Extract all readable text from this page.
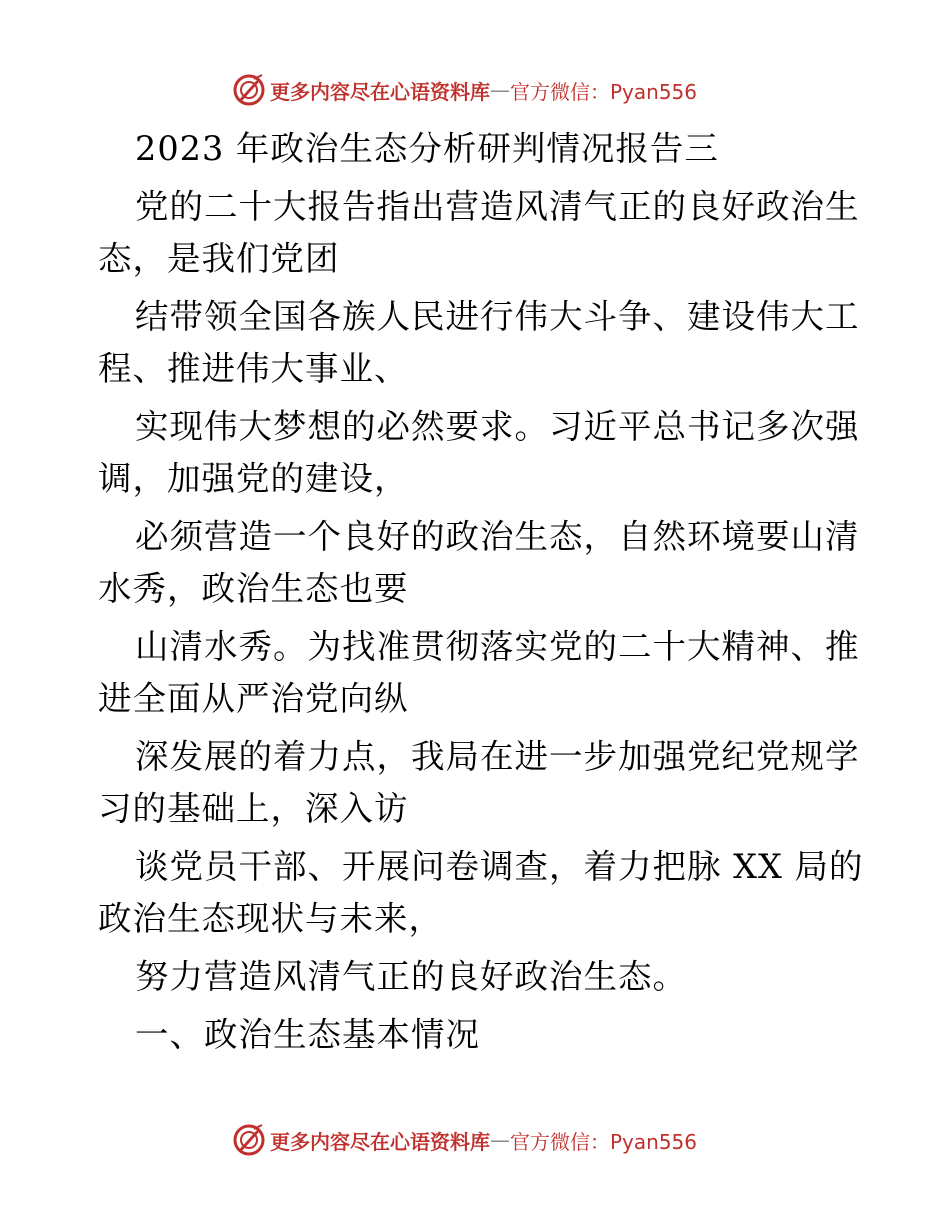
更多内容尽在心语资料库 — 官方微信：Pyan556
2023 年政治生态分析研判情况报告三
党的二十大报告指出营造风清气正的良好政治生
态，是我们党团
结带领全国各族人民进行伟大斗争、建设伟大工
程、推进伟大事业、
实现伟大梦想的必然要求。习近平总书记多次强
调，加强党的建设，
必须营造一个良好的政治生态，自然环境要山清
水秀，政治生态也要
山清水秀。为找准贯彻落实党的二十大精神、推
进全面从严治党向纵
深发展的着力点，我局在进一步加强党纪党规学
习的基础上，深入访
谈党员干部、开展问卷调查，着力把脉 XX 局的
政治生态现状与未来，
努力营造风清气正的良好政治生态。
一、政治生态基本情况
更多内容尽在心语资料库 — 官方微信：Pyan556
